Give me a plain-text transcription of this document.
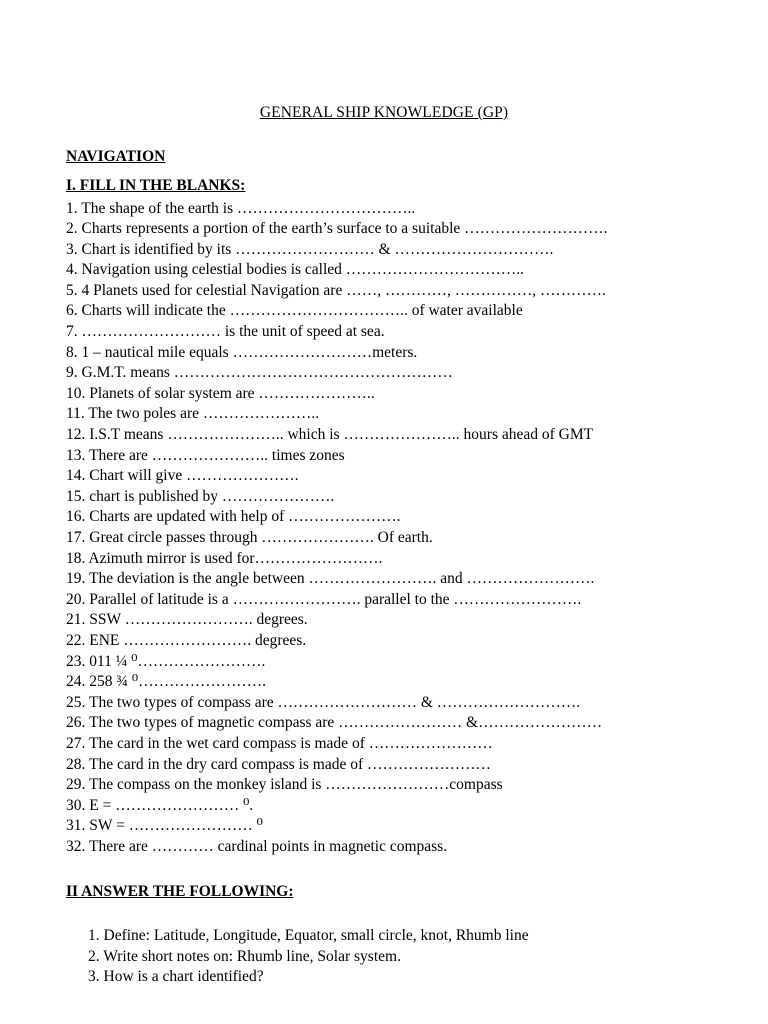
GENERAL SHIP KNOWLEDGE (GP)
NAVIGATION
I. FILL IN THE BLANKS:
1. The shape of the earth is ……………………………..
2. Charts represents a portion of the earth’s surface to a suitable ……………………….
3. Chart is identified by its ……………………… & ………………………….
4. Navigation using celestial bodies is called ……………………………..
5. 4 Planets used for celestial Navigation are ……, …………, ……………, ………….
6. Charts will indicate the …………………………….. of water available
7. ……………………… is the unit of speed at sea.
8. 1 – nautical mile equals ………………………meters.
9. G.M.T. means ………………………………………………
10. Planets of solar system are …………………..
11. The two poles are …………………..
12. I.S.T means ………………….. which is ………………….. hours ahead of GMT
13. There are ………………….. times zones
14. Chart will give ………………….
15. chart is published by ………………….
16. Charts are updated with help of ………………….
17. Great circle passes through …………………. Of earth.
18. Azimuth mirror is used for…………………….
19. The deviation is the angle between ……………………. and …………………….
20. Parallel of latitude is a ……………………. parallel to the …………………….
21. SSW ……………………. degrees.
22. ENE ……………………. degrees.
23. 011 ¼ ⁰…………………….
24. 258 ¾ ⁰…………………….
25. The two types of compass are ……………………… & ……………………….
26. The two types of magnetic compass are …………………… &……………………
27. The card in the wet card compass is made of ……………………
28. The card in the dry card compass is made of ……………………
29. The compass on the monkey island is ……………………compass
30. E = …………………… ⁰.
31. SW = …………………… ⁰
32. There are ………… cardinal points in magnetic compass.
II ANSWER THE FOLLOWING:
1. Define: Latitude, Longitude, Equator, small circle, knot, Rhumb line
2. Write short notes on: Rhumb line, Solar system.
3. How is a chart identified?
